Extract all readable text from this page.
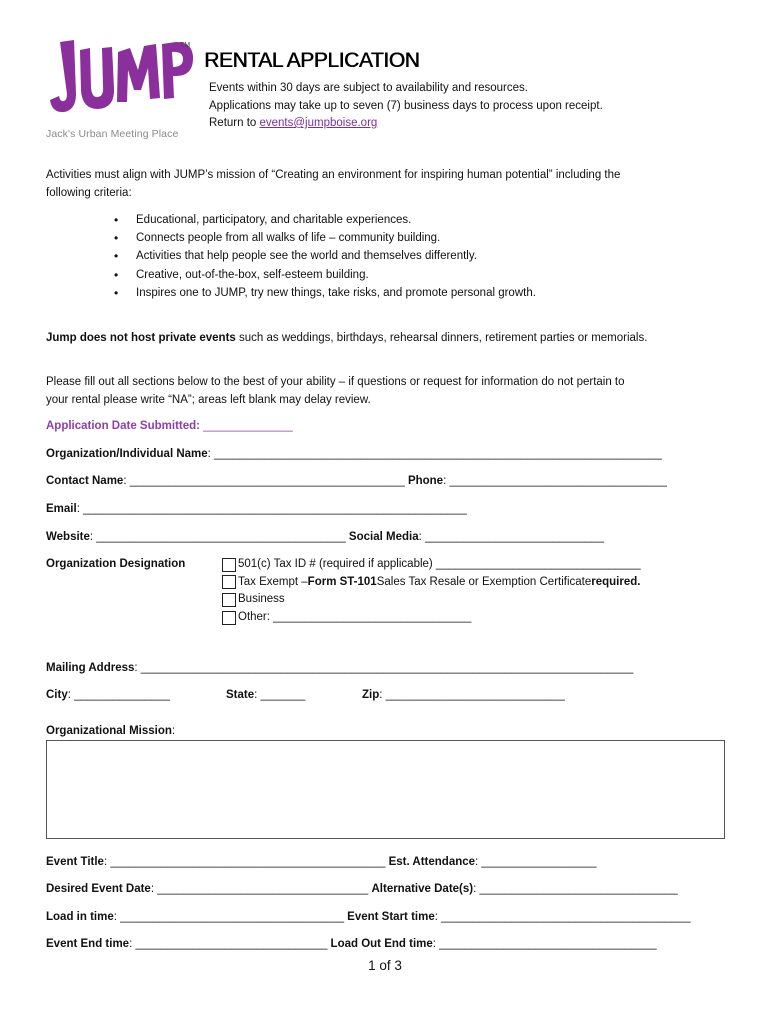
TM
Jack's Urban Meeting Place
RENTAL APPLICATION
Events within 30 days are subject to availability and resources.
Applications may take up to seven (7) business days to process upon receipt.
Return to events@jumpboise.org
Activities must align with JUMP’s mission of “Creating an environment for inspiring human potential” including the
following criteria:
• Educational, participatory, and charitable experiences.
• Connects people from all walks of life – community building.
• Activities that help people see the world and themselves differently.
• Creative, out-of-the-box, self-esteem building.
• Inspires one to JUMP, try new things, take risks, and promote personal growth.
Jump does not host private events such as weddings, birthdays, rehearsal dinners, retirement parties or memorials.
Please fill out all sections below to the best of your ability – if questions or request for information do not pertain to
your rental please write “NA”; areas left blank may delay review.
Application Date Submitted: ______________
Organization/Individual Name: ______________________________________________________________________
Contact Name: ___________________________________________ Phone: __________________________________
Email: ____________________________________________________________
Website: _______________________________________ Social Media: ____________________________
Organization Designation	501(c) Tax ID # (required if applicable) ________________________________
Tax Exempt – Form ST-101 Sales Tax Resale or Exemption Certificate required.
Business
Other: _______________________________
Mailing Address: _____________________________________________________________________________
City: _______________	State: _______	Zip: ____________________________
Organizational Mission:
Event Title: ___________________________________________ Est. Attendance: __________________
Desired Event Date: _________________________________ Alternative Date(s): _______________________________
Load in time: ___________________________________ Event Start time: _______________________________________
Event End time: ______________________________ Load Out End time: __________________________________
1 of 3
